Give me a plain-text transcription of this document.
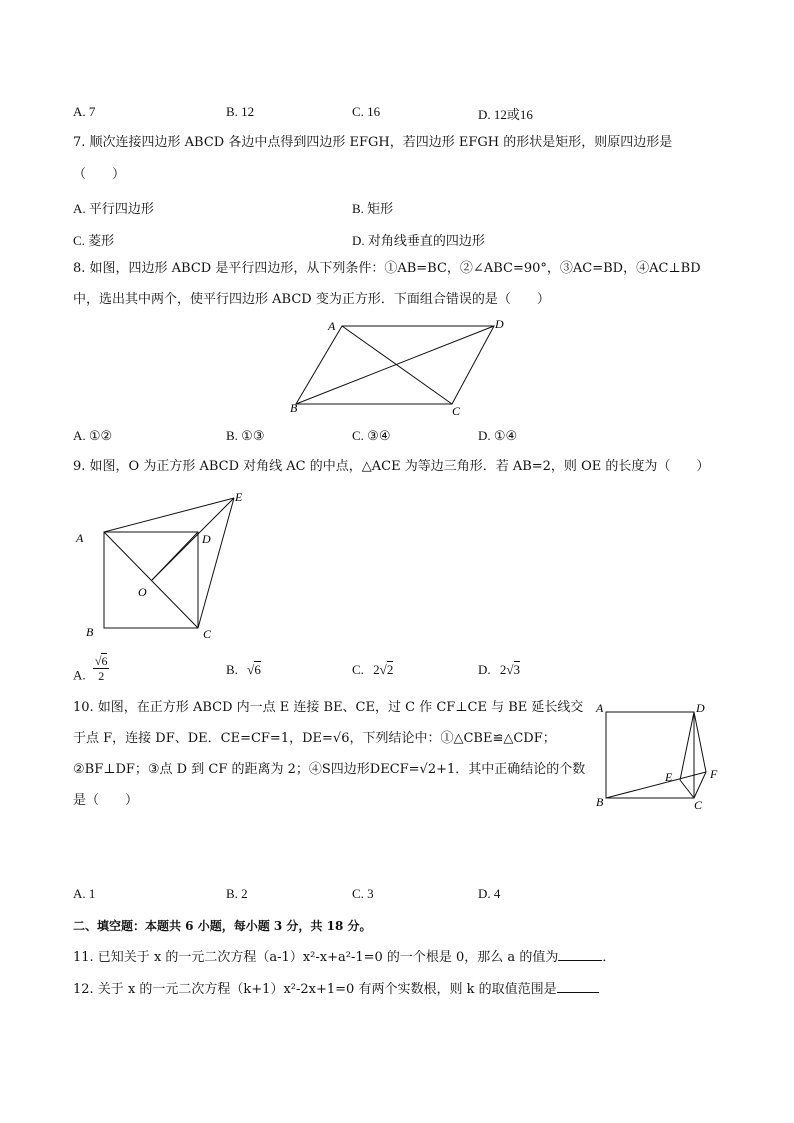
A. 7	B. 12	C. 16	D. 12或16
7. 顺次连接四边形 ABCD 各边中点得到四边形 EFGH，若四边形 EFGH 的形状是矩形，则原四边形是
（　　）
A. 平行四边形	B. 矩形
C. 菱形	D. 对角线垂直的四边形
8. 如图，四边形 ABCD 是平行四边形，从下列条件：①AB=BC，②∠ABC=90°，③AC=BD，④AC⊥BD
中，选出其中两个，使平行四边形 ABCD 变为正方形．下面组合错误的是（　　）
A	D
B	C
A. ①②	B. ①③	C. ③④	D. ①④
9. 如图，O 为正方形 ABCD 对角线 AC 的中点，△ACE 为等边三角形．若 AB=2，则 OE 的长度为（　　）
E
A	D
O
B	C
A. $\frac{√6}{2}$	B. √6	C. 2√2	D. 2√3
10. 如图，在正方形 ABCD 内一点 E 连接 BE、CE，过 C 作 CF⊥CE 与 BE 延长线交
于点 F，连接 DF、DE．CE=CF=1，DE=√6，下列结论中：①△CBE≌△CDF；
②BF⊥DF；③点 D 到 CF 的距离为 2；④S四边形DECF=√2+1．其中正确结论的个数
是（　　）
A	D
E	F
B	C
A. 1	B. 2	C. 3	D. 4
二、填空题：本题共 6 小题，每小题 3 分，共 18 分。
11. 已知关于 x 的一元二次方程（a-1）x²-x+a²-1=0 的一个根是 0，那么 a 的值为	．
12. 关于 x 的一元二次方程（k+1）x²-2x+1=0 有两个实数根，则 k 的取值范围是
